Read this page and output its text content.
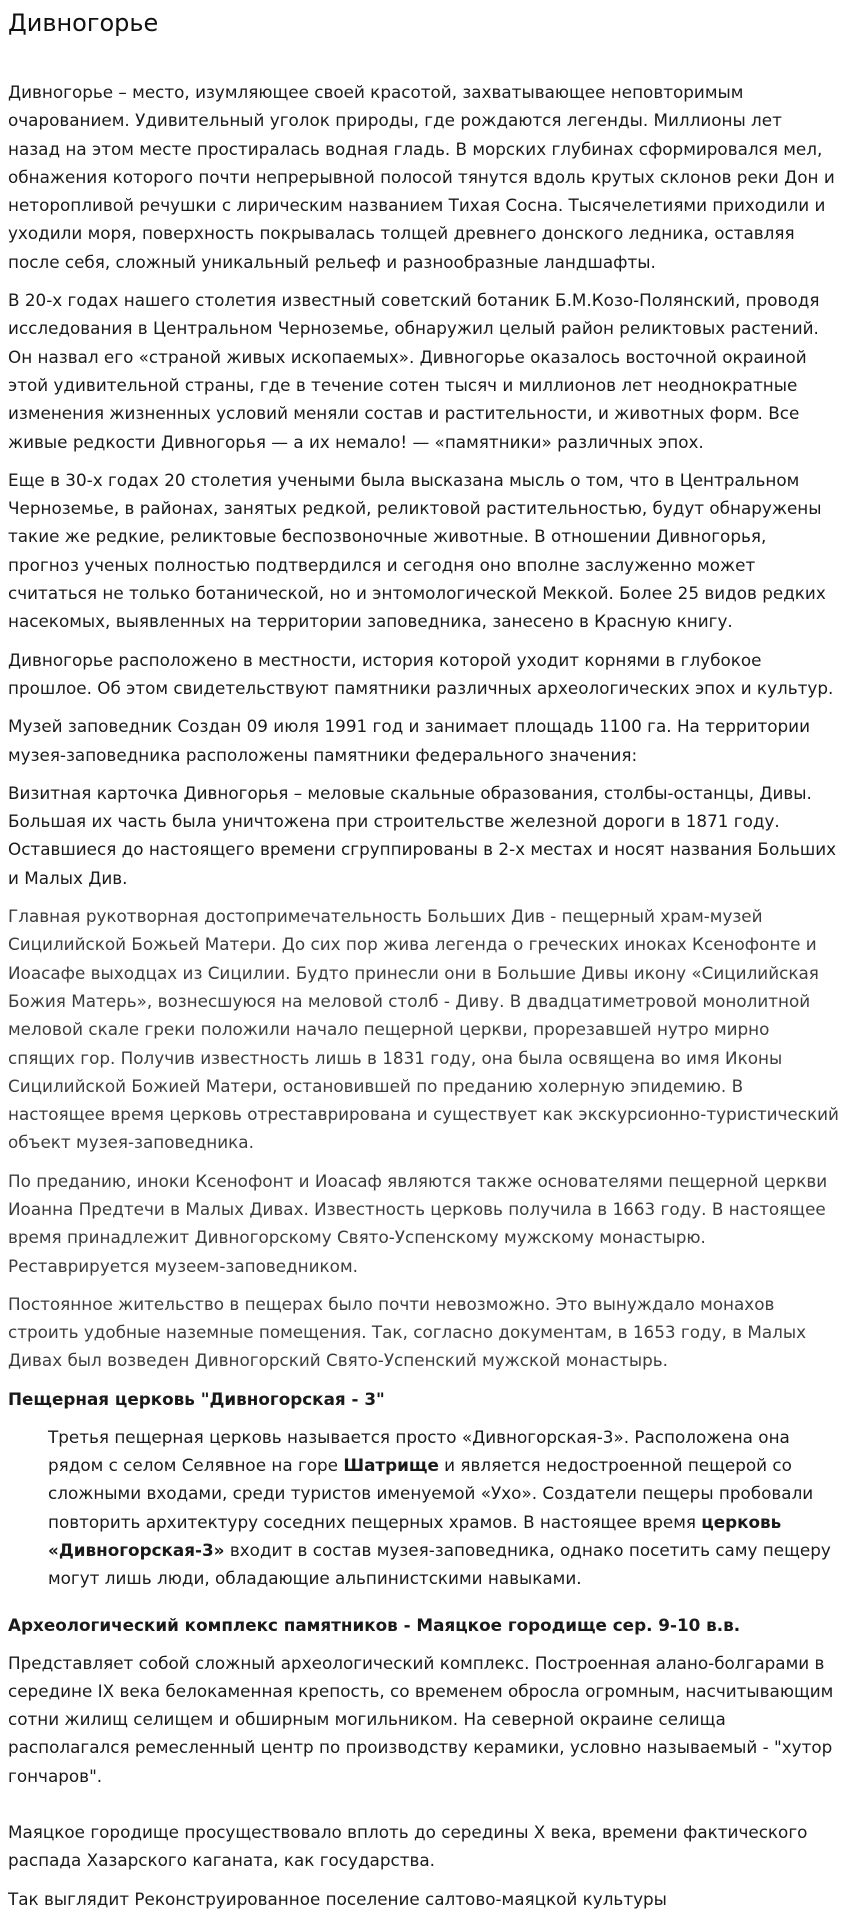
Дивногорье

Дивногорье – место, изумляющее своей красотой, захватывающее неповторимым очарованием. Удивительный уголок природы, где рождаются легенды. Миллионы лет назад на этом месте простиралась водная гладь. В морских глубинах сформировался мел, обнажения которого почти непрерывной полосой тянутся вдоль крутых склонов реки Дон и неторопливой речушки с лирическим названием Тихая Сосна. Тысячелетиями приходили и уходили моря, поверхность покрывалась толщей древнего донского ледника, оставляя после себя, сложный уникальный рельеф и разнообразные ландшафты.

В 20-х годах нашего столетия известный советский ботаник Б.М.Козо-Полянский, проводя исследования в Центральном Черноземье, обнаружил целый район реликтовых растений. Он назвал его «страной живых ископаемых». Дивногорье оказалось восточной окраиной этой удивительной страны, где в течение сотен тысяч и миллионов лет неоднократные изменения жизненных условий меняли состав и растительности, и животных форм. Все живые редкости Дивногорья — а их немало! — «памятники» различных эпох.

Еще в 30-х годах 20 столетия учеными была высказана мысль о том, что в Центральном Черноземье, в районах, занятых редкой, реликтовой растительностью, будут обнаружены такие же редкие, реликтовые беспозвоночные животные. В отношении Дивногорья, прогноз ученых полностью подтвердился и сегодня оно вполне заслуженно может считаться не только ботанической, но и энтомологической Меккой. Более 25 видов редких насекомых, выявленных на территории заповедника, занесено в Красную книгу.

Дивногорье расположено в местности, история которой уходит корнями в глубокое прошлое. Об этом свидетельствуют памятники различных археологических эпох и культур.

Музей заповедник Создан 09 июля 1991 год и занимает площадь 1100 га. На территории музея-заповедника расположены памятники федерального значения:

Визитная карточка Дивногорья – меловые скальные образования, столбы-останцы, Дивы. Большая их часть была уничтожена при строительстве железной дороги в 1871 году. Оставшиеся до настоящего времени сгруппированы в 2-х местах и носят названия Больших и Малых Див.

Главная рукотворная достопримечательность Больших Див - пещерный храм-музей Сицилийской Божьей Матери. До сих пор жива легенда о греческих иноках Ксенофонте и Иоасафе выходцах из Сицилии. Будто принесли они в Большие Дивы икону «Сицилийская Божия Матерь», вознесшуюся на меловой столб - Диву. В двадцатиметровой монолитной меловой скале греки положили начало пещерной церкви, прорезавшей нутро мирно спящих гор. Получив известность лишь в 1831 году, она была освящена во имя Иконы Сицилийской Божией Матери, остановившей по преданию холерную эпидемию. В настоящее время церковь отреставрирована и существует как экскурсионно-туристический объект музея-заповедника.

По преданию, иноки Ксенофонт и Иоасаф являются также основателями пещерной церкви Иоанна Предтечи в Малых Дивах. Известность церковь получила в 1663 году. В настоящее время принадлежит Дивногорскому Свято-Успенскому мужскому монастырю. Реставрируется музеем-заповедником.

Постоянное жительство в пещерах было почти невозможно. Это вынуждало монахов строить удобные наземные помещения. Так, согласно документам, в 1653 году, в Малых Дивах был возведен Дивногорский Свято-Успенский мужской монастырь.

Пещерная церковь "Дивногорская - 3"

Третья пещерная церковь называется просто «Дивногорская-3». Расположена она рядом с селом Селявное на горе Шатрище и является недостроенной пещерой со сложными входами, среди туристов именуемой «Ухо». Создатели пещеры пробовали повторить архитектуру соседних пещерных храмов. В настоящее время церковь «Дивногорская-3» входит в состав музея-заповедника, однако посетить саму пещеру могут лишь люди, обладающие альпинистскими навыками.

Археологический комплекс памятников - Маяцкое городище сер. 9-10 в.в.

Представляет собой сложный археологический комплекс. Построенная алано-болгарами в середине IX века белокаменная крепость, со временем обросла огромным, насчитывающим сотни жилищ селищем и обширным могильником. На северной окраине селища располагался ремесленный центр по производству керамики, условно называемый - "хутор гончаров".

Маяцкое городище просуществовало вплоть до середины X века, времени фактического распада Хазарского каганата, как государства.

Так выглядит Реконструированное поселение салтово-маяцкой культуры
